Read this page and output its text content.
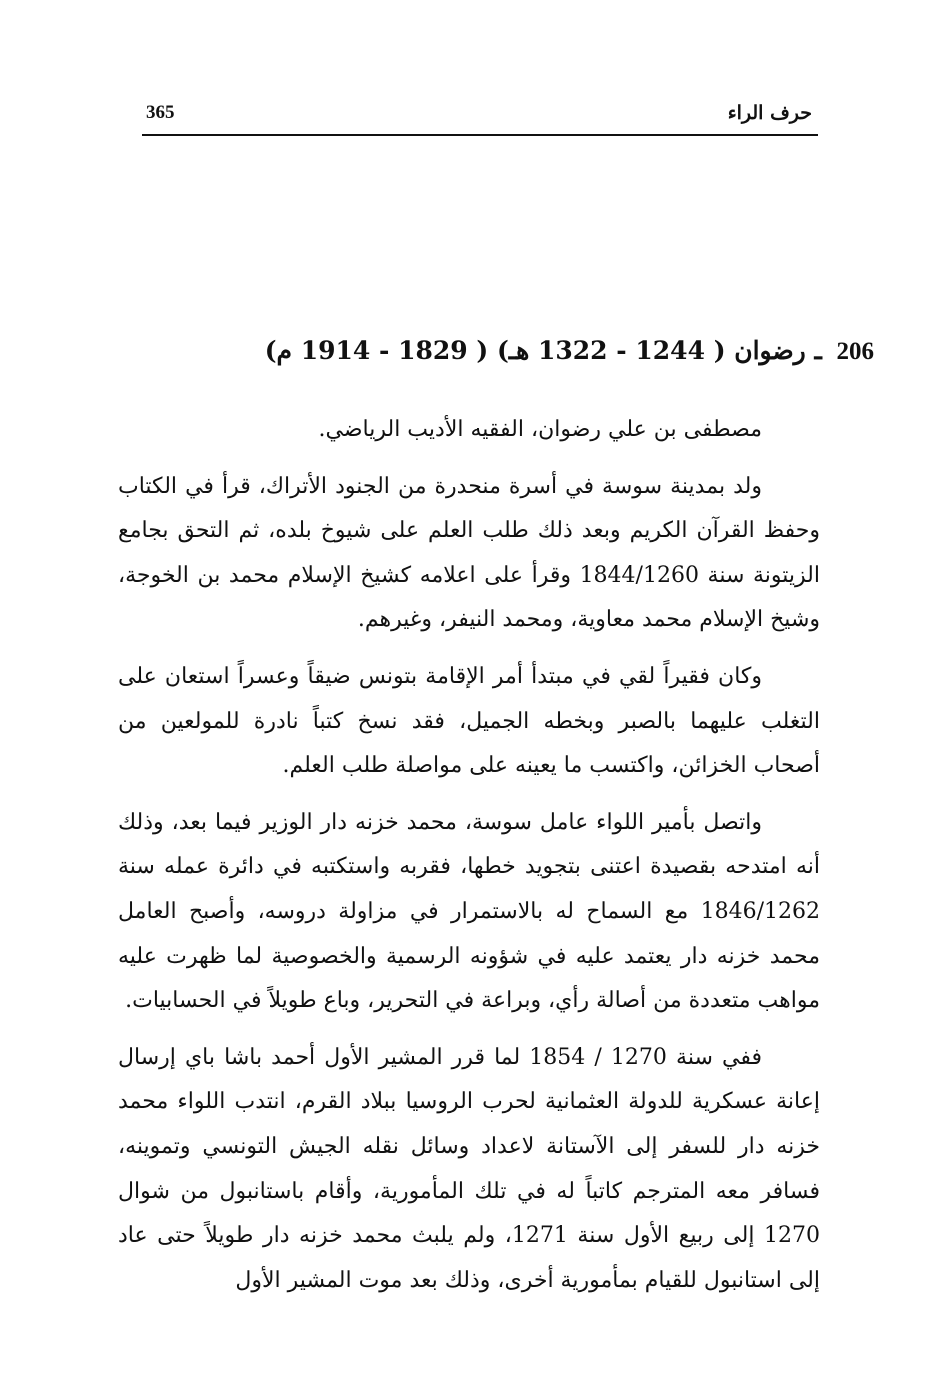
365	حرف الراء
206 ـ رضوان ( 1244 - 1322 هـ) ( 1829 - 1914 م)

مصطفى بن علي رضوان، الفقيه الأديب الرياضي.

ولد بمدينة سوسة في أسرة منحدرة من الجنود الأتراك، قرأ في الكتاب وحفظ القرآن الكريم وبعد ذلك طلب العلم على شيوخ بلده، ثم التحق بجامع الزيتونة سنة 1844/1260 وقرأ على اعلامه كشيخ الإسلام محمد بن الخوجة، وشيخ الإسلام محمد معاوية، ومحمد النيفر، وغيرهم.

وكان فقيراً لقي في مبتدأ أمر الإقامة بتونس ضيقاً وعسراً استعان على التغلب عليهما بالصبر وبخطه الجميل، فقد نسخ كتباً نادرة للمولعين من أصحاب الخزائن، واكتسب ما يعينه على مواصلة طلب العلم.

واتصل بأمير اللواء عامل سوسة، محمد خزنه دار الوزير فيما بعد، وذلك أنه امتدحه بقصيدة اعتنى بتجويد خطها، فقربه واستكتبه في دائرة عمله سنة 1846/1262 مع السماح له بالاستمرار في مزاولة دروسه، وأصبح العامل محمد خزنه دار يعتمد عليه في شؤونه الرسمية والخصوصية لما ظهرت عليه مواهب متعددة من أصالة رأي، وبراعة في التحرير، وباع طويلاً في الحسابيات.

ففي سنة 1270 / 1854 لما قرر المشير الأول أحمد باشا باي إرسال إعانة عسكرية للدولة العثمانية لحرب الروسيا ببلاد القرم، انتدب اللواء محمد خزنه دار للسفر إلى الآستانة لاعداد وسائل نقله الجيش التونسي وتموينه، فسافر معه المترجم كاتباً له في تلك المأمورية، وأقام باستانبول من شوال 1270 إلى ربيع الأول سنة 1271، ولم يلبث محمد خزنه دار طويلاً حتى عاد إلى استانبول للقيام بمأمورية أخرى، وذلك بعد موت المشير الأول
